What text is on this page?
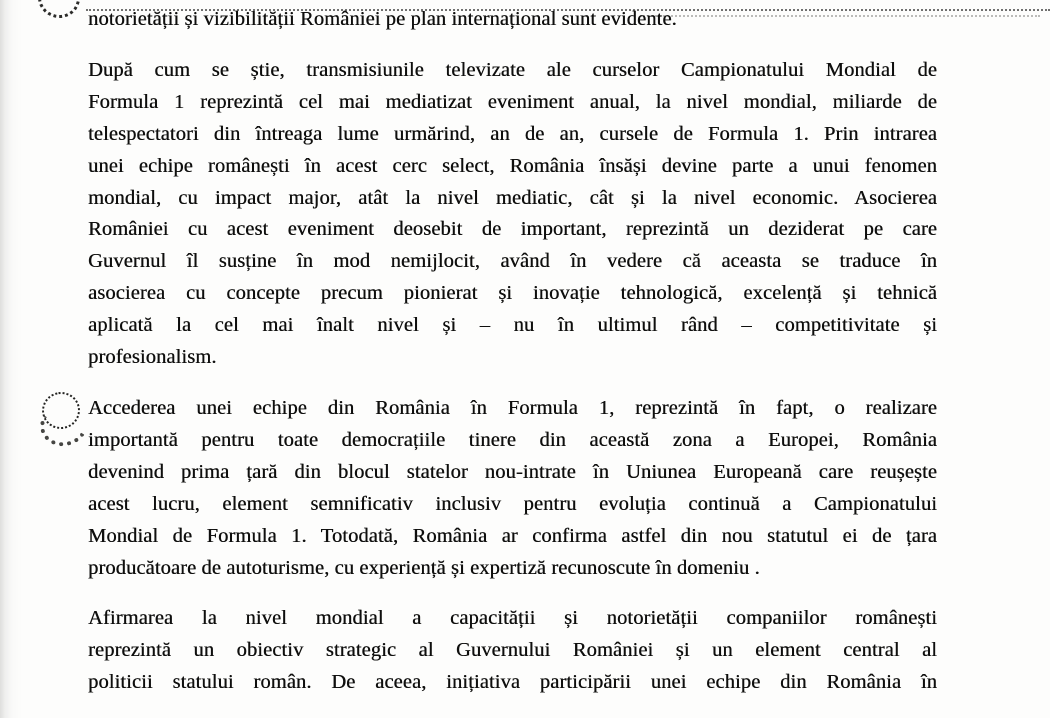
notorietății și vizibilității României pe plan internațional sunt evidente.
După cum se știe, transmisiunile televizate ale curselor Campionatului Mondial de
Formula 1 reprezintă cel mai mediatizat eveniment anual, la nivel mondial, miliarde de
telespectatori din întreaga lume urmărind, an de an, cursele de Formula 1. Prin intrarea
unei echipe românești în acest cerc select, România însăși devine parte a unui fenomen
mondial, cu impact major, atât la nivel mediatic, cât și la nivel economic. Asocierea
României cu acest eveniment deosebit de important, reprezintă un deziderat pe care
Guvernul îl susține în mod nemijlocit, având în vedere că aceasta se traduce în
asocierea cu concepte precum pionierat și inovație tehnologică, excelență și tehnică
aplicată la cel mai înalt nivel și – nu în ultimul rând – competitivitate și
profesionalism.
Accederea unei echipe din România în Formula 1, reprezintă în fapt, o realizare
importantă pentru toate democrațiile tinere din această zona a Europei, România
devenind prima țară din blocul statelor nou-intrate în Uniunea Europeană care reușește
acest lucru, element semnificativ inclusiv pentru evoluția continuă a Campionatului
Mondial de Formula 1. Totodată, România ar confirma astfel din nou statutul ei de țara
producătoare de autoturisme, cu experiență și expertiză recunoscute în domeniu .
Afirmarea la nivel mondial a capacității și notorietății companiilor românești
reprezintă un obiectiv strategic al Guvernului României și un element central al
politicii statului român. De aceea, inițiativa participării unei echipe din România în
